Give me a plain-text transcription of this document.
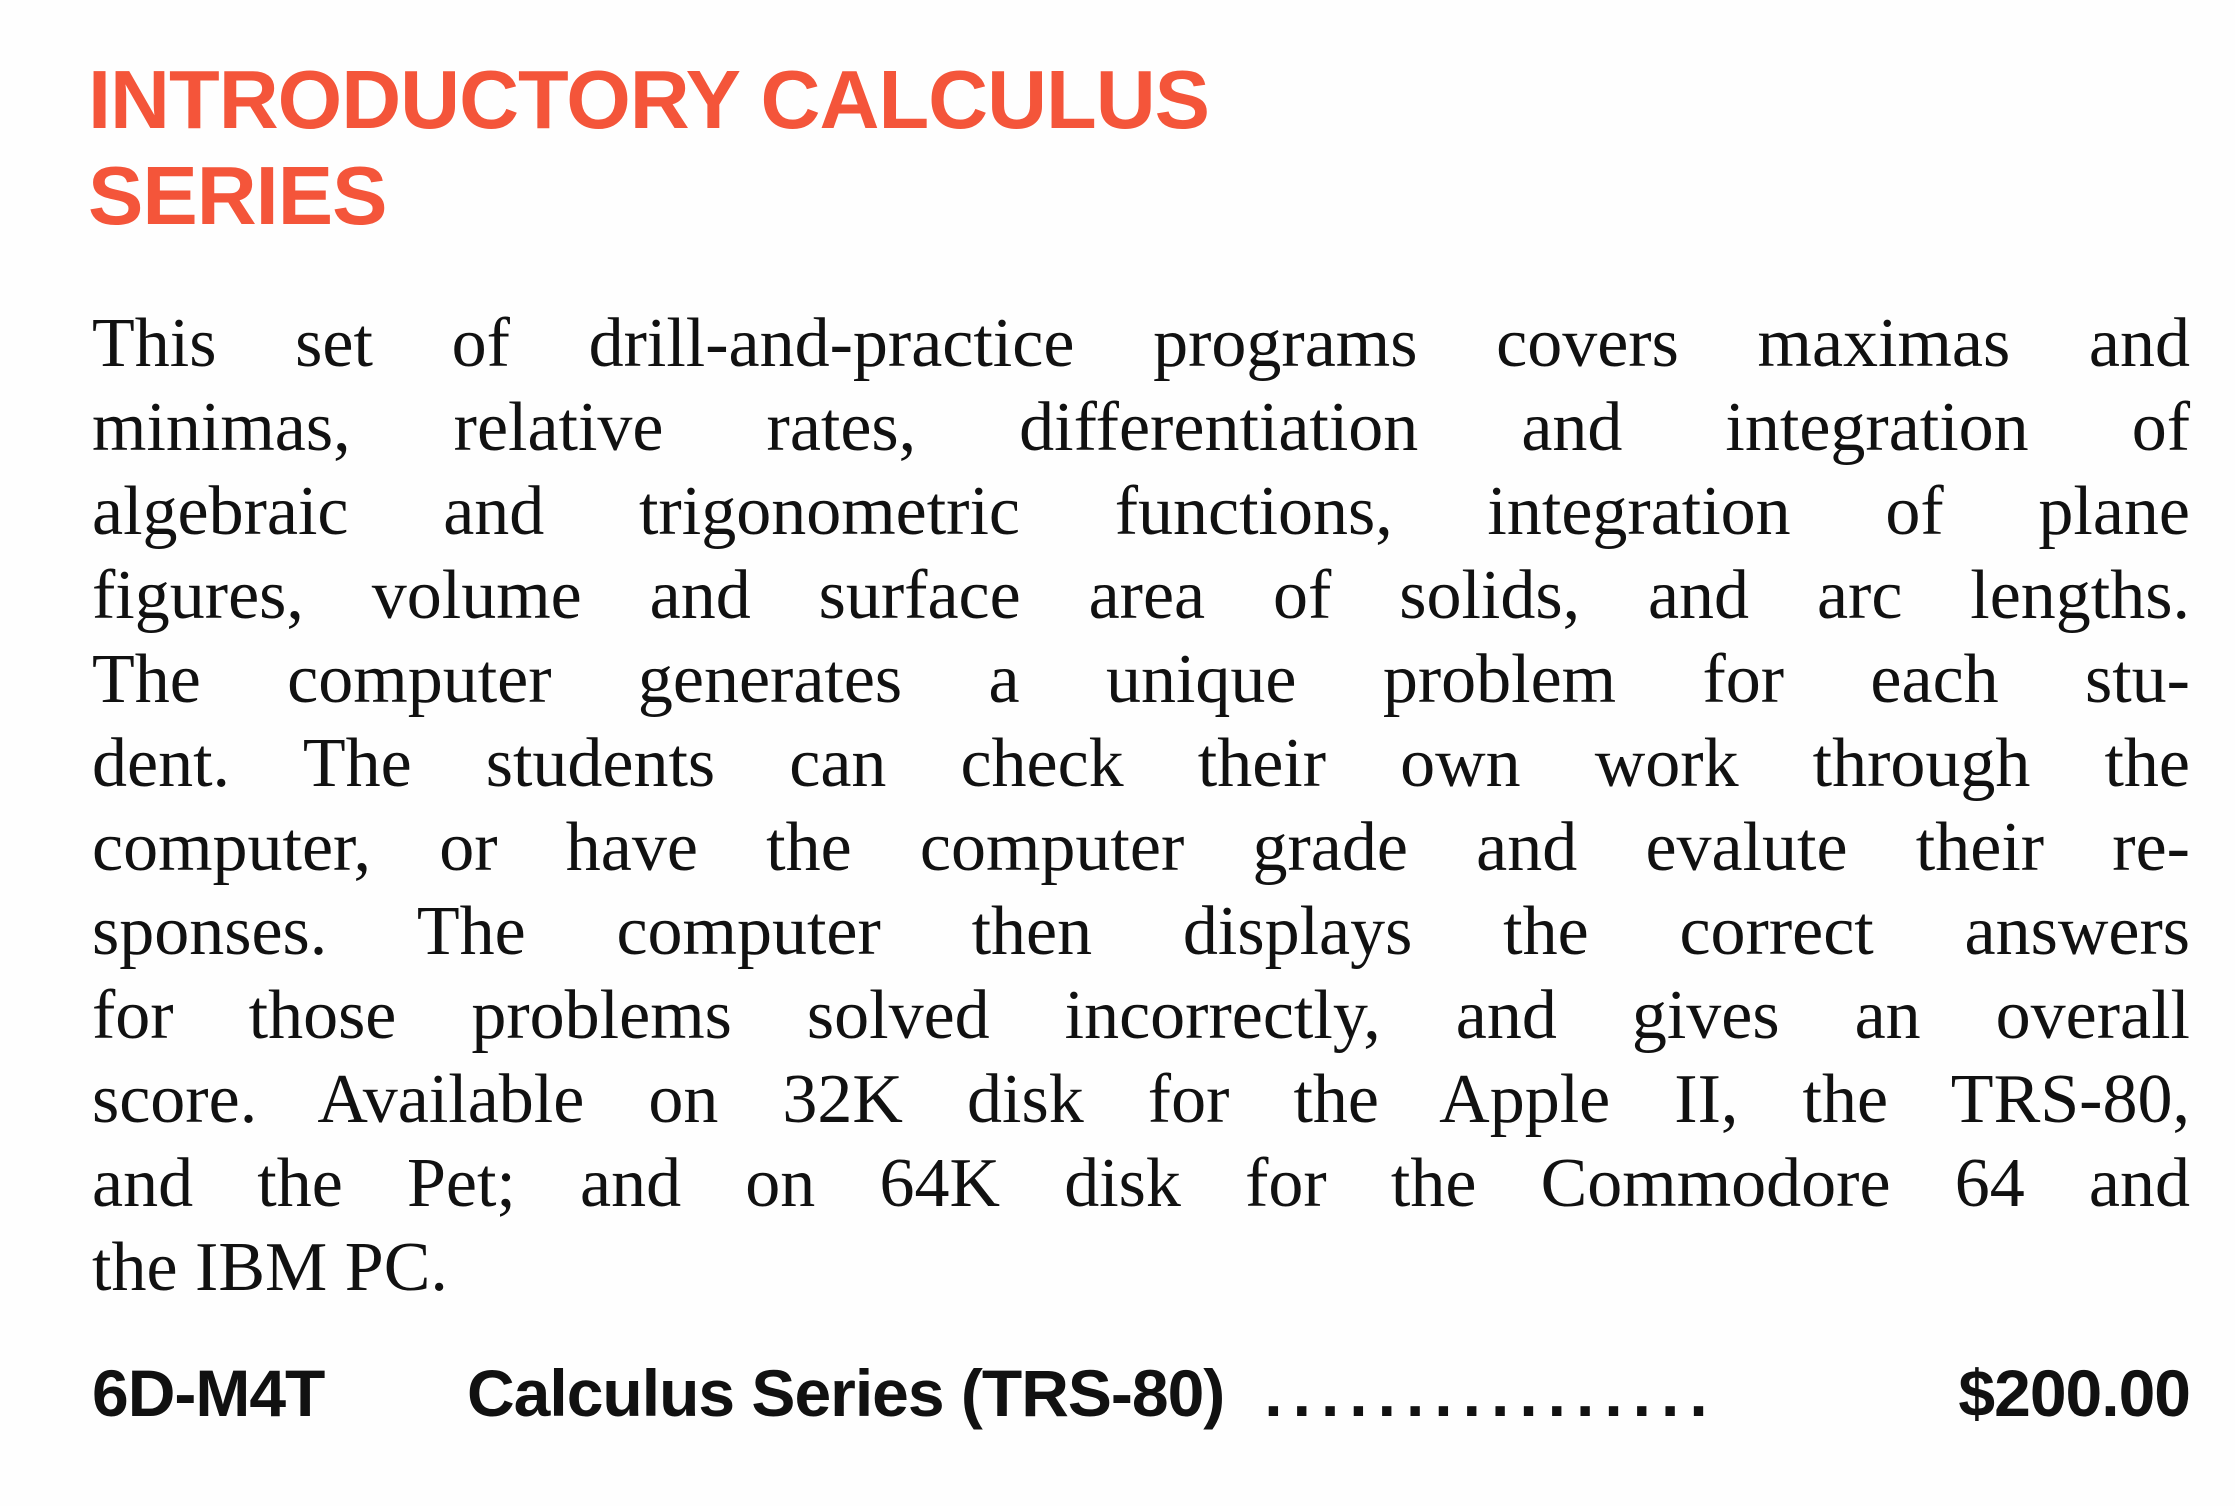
INTRODUCTORY CALCULUS
SERIES
This set of drill-and-practice programs covers maximas and
minimas, relative rates, differentiation and integration of
algebraic and trigonometric functions, integration of plane
figures, volume and surface area of solids, and arc lengths.
The computer generates a unique problem for each stu-
dent. The students can check their own work through the
computer, or have the computer grade and evalute their re-
sponses. The computer then displays the correct answers
for those problems solved incorrectly, and gives an overall
score. Available on 32K disk for the Apple II, the TRS-80,
and the Pet; and on 64K disk for the Commodore 64 and
the IBM PC.
6D-M4T	Calculus Series (TRS-80) ................	$200.00
